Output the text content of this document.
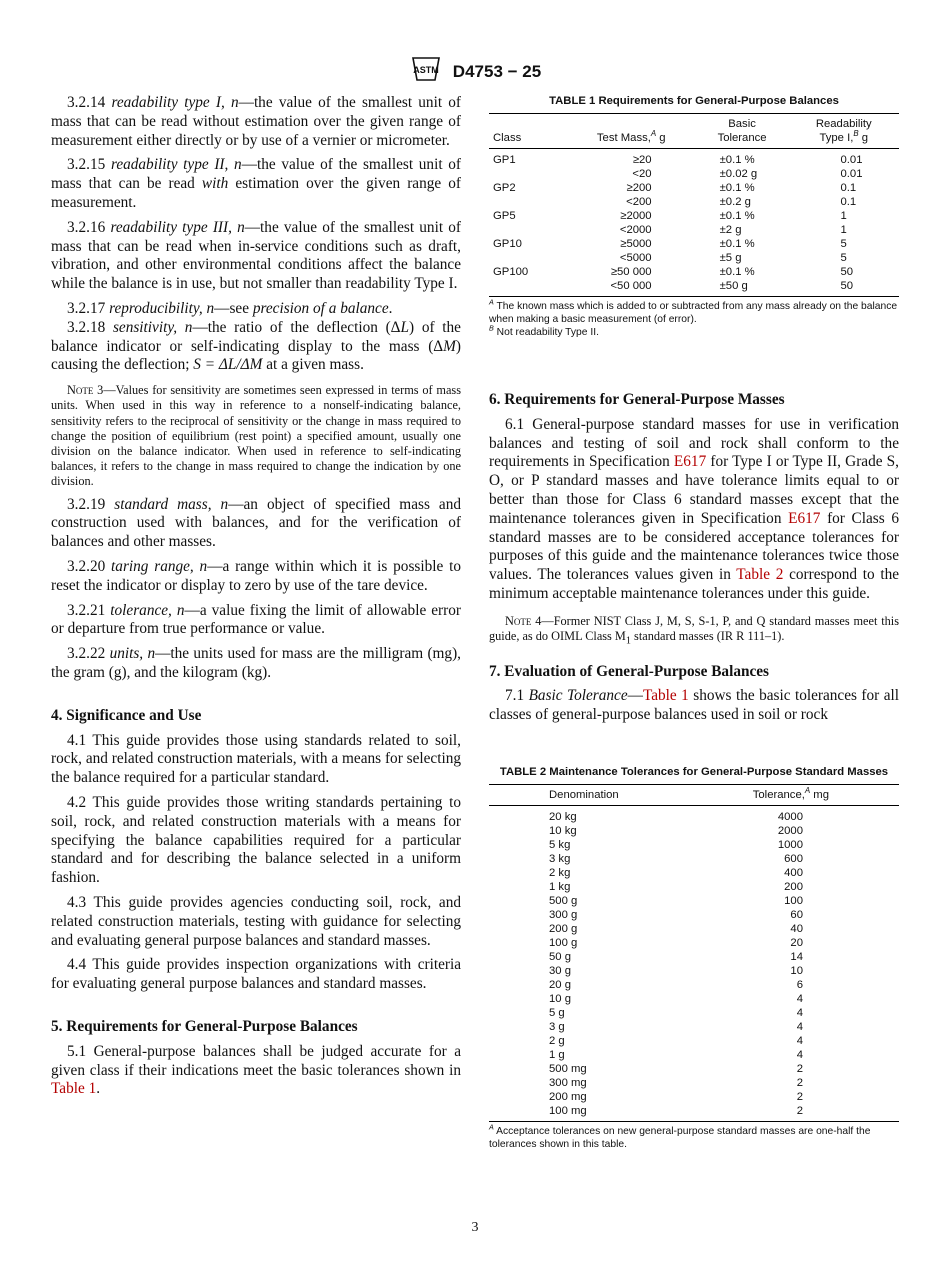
ASTM D4753 − 25

3.2.14 readability type I, n—the value of the smallest unit of mass that can be read without estimation over the given range of measurement either directly or by use of a vernier or micrometer.

3.2.15 readability type II, n—the value of the smallest unit of mass that can be read with estimation over the given range of measurement.

3.2.16 readability type III, n—the value of the smallest unit of mass that can be read when in-service conditions such as draft, vibration, and other environmental conditions affect the balance while the balance is in use, but not smaller than readability Type I.

3.2.17 reproducibility, n—see precision of a balance.

3.2.18 sensitivity, n—the ratio of the deflection (ΔL) of the balance indicator or self-indicating display to the mass (ΔM) causing the deflection; S = ΔL/ΔM at a given mass.

Note 3—Values for sensitivity are sometimes seen expressed in terms of mass units. When used in this way in reference to a nonself-indicating balance, sensitivity refers to the reciprocal of sensitivity or the change in mass required to change the position of equilibrium (rest point) a specified amount, usually one division on the balance indicator. When used in reference to self-indicating balances, it refers to the change in mass required to change the indication by one division.

3.2.19 standard mass, n—an object of specified mass and construction used with balances, and for the verification of balances and other masses.

3.2.20 taring range, n—a range within which it is possible to reset the indicator or display to zero by use of the tare device.

3.2.21 tolerance, n—a value fixing the limit of allowable error or departure from true performance or value.

3.2.22 units, n—the units used for mass are the milligram (mg), the gram (g), and the kilogram (kg).

4. Significance and Use

4.1 This guide provides those using standards related to soil, rock, and related construction materials, with a means for selecting the balance required for a particular standard.

4.2 This guide provides those writing standards pertaining to soil, rock, and related construction materials with a means for specifying the balance capabilities required for a particular standard and for describing the balance selected in a uniform fashion.

4.3 This guide provides agencies conducting soil, rock, and related construction materials, testing with guidance for selecting and evaluating general purpose balances and standard masses.

4.4 This guide provides inspection organizations with criteria for evaluating general purpose balances and standard masses.

5. Requirements for General-Purpose Balances

5.1 General-purpose balances shall be judged accurate for a given class if their indications meet the basic tolerances shown in Table 1.

TABLE 1 Requirements for General-Purpose Balances
Class	Test Mass,$^A$ g	Basic
Tolerance	Readability
Type I,$^B$ g
GP1	≥20	±0.1 %	0.01
	<20	±0.02 g	0.01
GP2	≥200	±0.1 %	0.1
	<200	±0.2 g	0.1
GP5	≥2000	±0.1 %	1
	<2000	±2 g	1
GP10	≥5000	±0.1 %	5
	<5000	±5 g	5
GP100	≥50 000	±0.1 %	50
	<50 000	±50 g	50

$^A$ The known mass which is added to or subtracted from any mass already on the balance when making a basic measurement (of error).
$^B$ Not readability Type II.
6. Requirements for General-Purpose Masses

6.1 General-purpose standard masses for use in verification balances and testing of soil and rock shall conform to the requirements in Specification E617 for Type I or Type II, Grade S, O, or P standard masses and have tolerance limits equal to or better than those for Class 6 standard masses except that the maintenance tolerances given in Specification E617 for Class 6 standard masses are to be considered acceptance tolerances for purposes of this guide and the maintenance tolerances twice those values. The tolerances values given in Table 2 correspond to the minimum acceptable maintenance tolerances under this guide.

Note 4—Former NIST Class J, M, S, S-1, P, and Q standard masses meet this guide, as do OIML Class $M_1$ standard masses (IR R 111–1).

7. Evaluation of General-Purpose Balances

7.1 Basic Tolerance—Table 1 shows the basic tolerances for all classes of general-purpose balances used in soil or rock

TABLE 2 Maintenance Tolerances for General-Purpose Standard Masses
Denomination	Tolerance,$^A$ mg
20 kg	4000
10 kg	2000
5 kg	1000
3 kg	600
2 kg	400
1 kg	200
500 g	100
300 g	60
200 g	40
100 g	20
50 g	14
30 g	10
20 g	6
10 g	4
5 g	4
3 g	4
2 g	4
1 g	4
500 mg	2
300 mg	2
200 mg	2
100 mg	2

$^A$ Acceptance tolerances on new general-purpose standard masses are one-half the tolerances shown in this table.
3
